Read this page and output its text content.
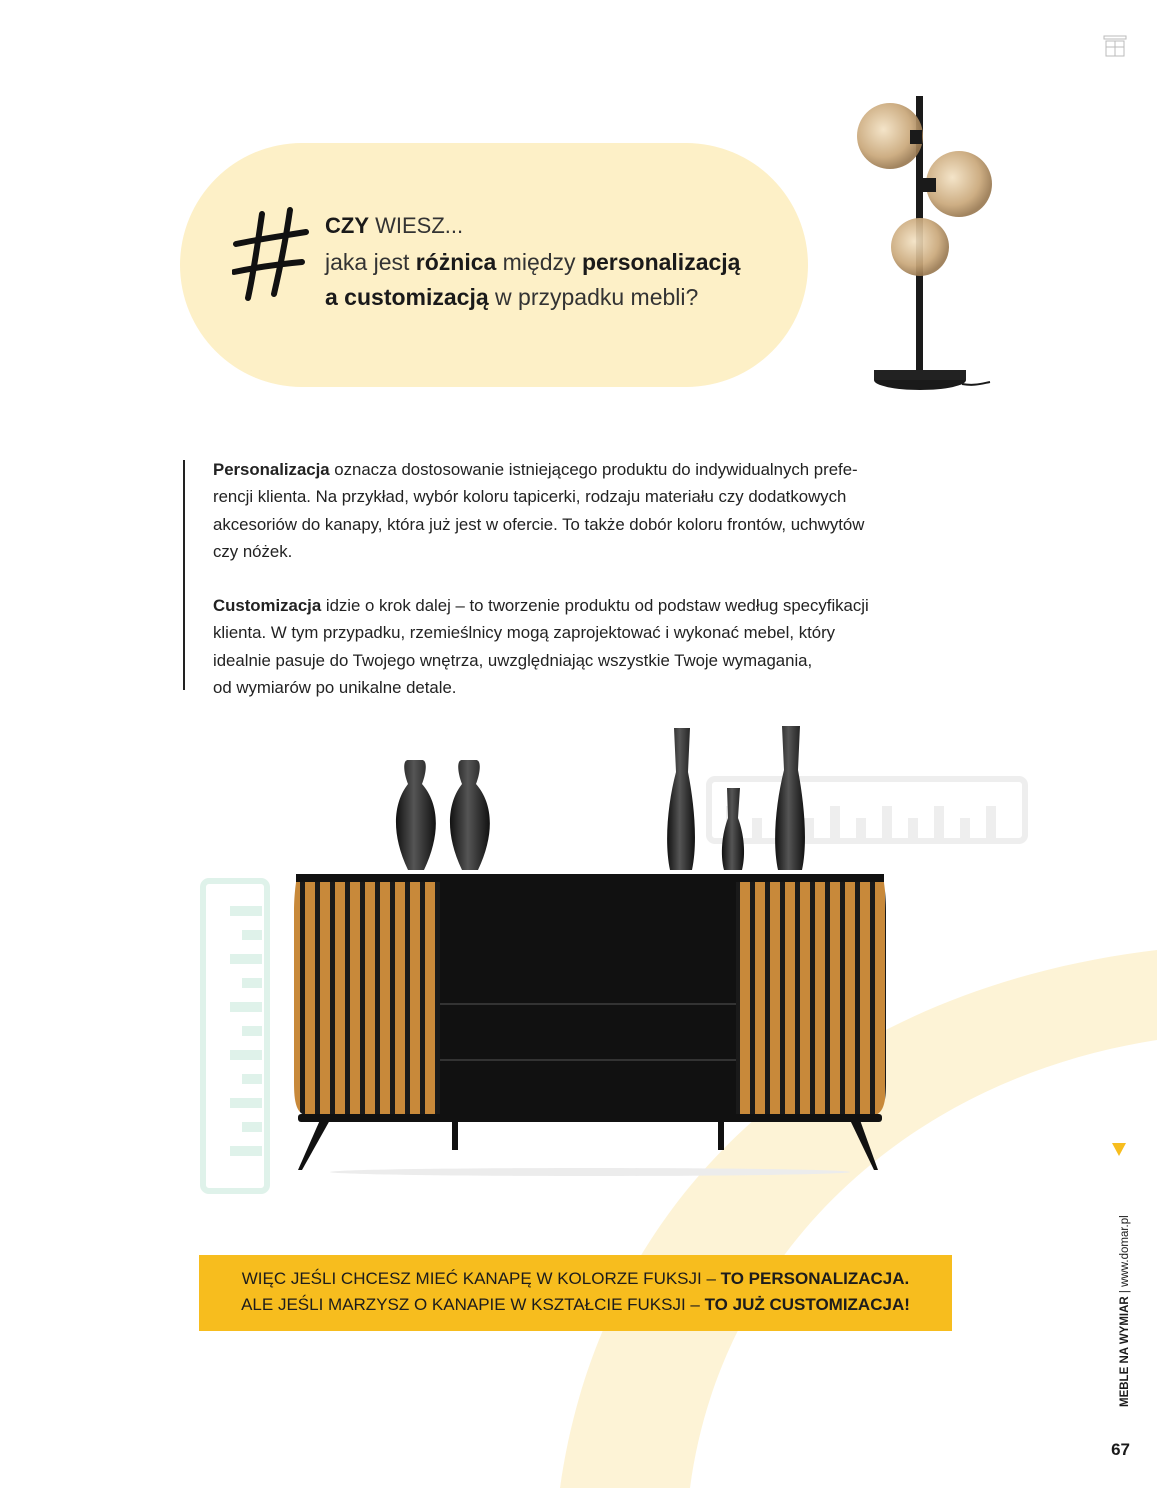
CZY WIESZ...
jaka jest różnica między personalizacją
a customizacją w przypadku mebli?
Personalizacja oznacza dostosowanie istniejącego produktu do indywidualnych prefe-
rencji klienta. Na przykład, wybór koloru tapicerki, rodzaju materiału czy dodatkowych
akcesoriów do kanapy, która już jest w ofercie. To także dobór koloru frontów, uchwytów
czy nóżek.
Customizacja idzie o krok dalej – to tworzenie produktu od podstaw według specyfikacji
klienta. W tym przypadku, rzemieślnicy mogą zaprojektować i wykonać mebel, który
idealnie pasuje do Twojego wnętrza, uwzględniając wszystkie Twoje wymagania,
od wymiarów po unikalne detale.
WIĘC JEŚLI CHCESZ MIEĆ KANAPĘ W KOLORZE FUKSJI – TO PERSONALIZACJA.
ALE JEŚLI MARZYSZ O KANAPIE W KSZTAŁCIE FUKSJI – TO JUŻ CUSTOMIZACJA!	MEBLE NA WYMIAR | www.domar.pl
67
